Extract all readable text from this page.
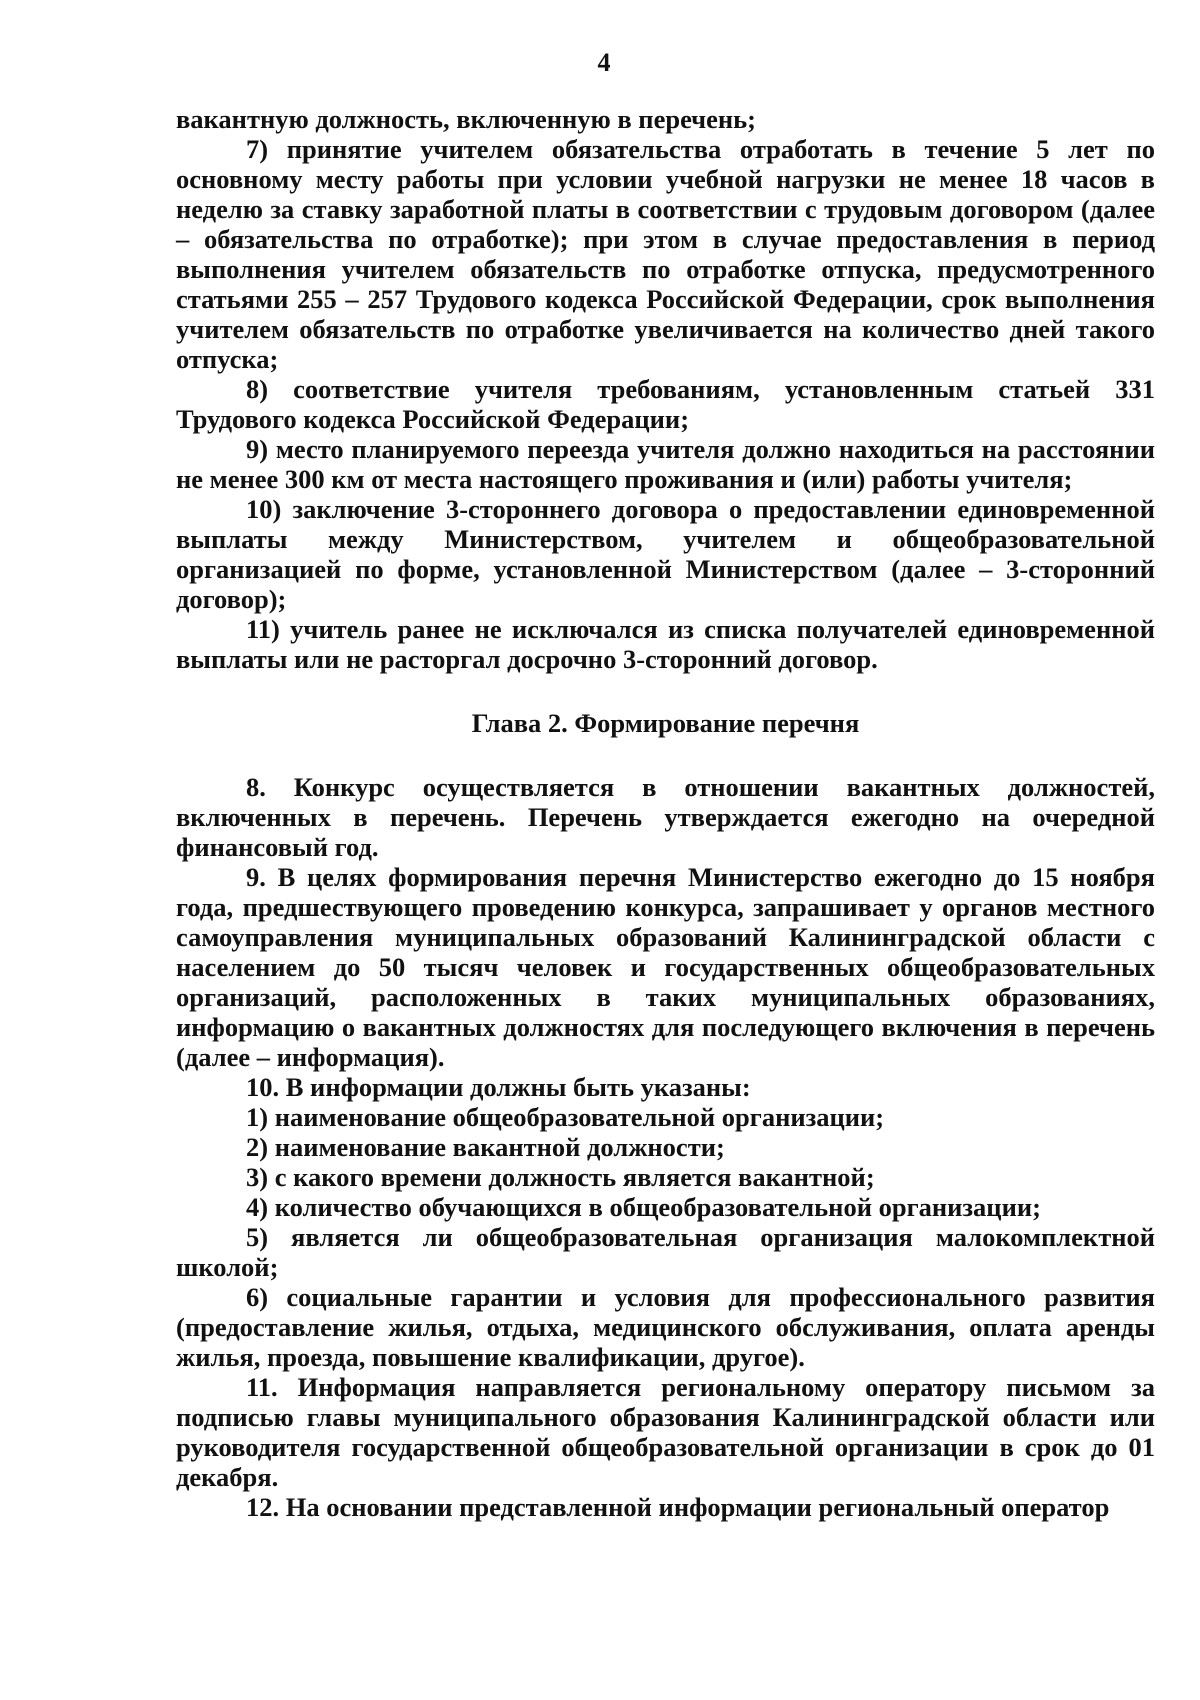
4

вакантную должность, включенную в перечень;

7) принятие учителем обязательства отработать в течение 5 лет по основному месту работы при условии учебной нагрузки не менее 18 часов в неделю за ставку заработной платы в соответствии с трудовым договором (далее – обязательства по отработке); при этом в случае предоставления в период выполнения учителем обязательств по отработке отпуска, предусмотренного статьями 255 – 257 Трудового кодекса Российской Федерации, срок выполнения учителем обязательств по отработке увеличивается на количество дней такого отпуска;

8) соответствие учителя требованиям, установленным статьей 331 Трудового кодекса Российской Федерации;

9) место планируемого переезда учителя должно находиться на расстоянии не менее 300 км от места настоящего проживания и (или) работы учителя;

10) заключение 3-стороннего договора о предоставлении единовременной выплаты между Министерством, учителем и общеобразовательной организацией по форме, установленной Министерством (далее – 3-сторонний договор);

11) учитель ранее не исключался из списка получателей единовременной выплаты или не расторгал досрочно 3-сторонний договор.

Глава 2. Формирование перечня

8. Конкурс осуществляется в отношении вакантных должностей, включенных в перечень. Перечень утверждается ежегодно на очередной финансовый год.

9. В целях формирования перечня Министерство ежегодно до 15 ноября года, предшествующего проведению конкурса, запрашивает у органов местного самоуправления муниципальных образований Калининградской области с населением до 50 тысяч человек и государственных общеобразовательных организаций, расположенных в таких муниципальных образованиях, информацию о вакантных должностях для последующего включения в перечень (далее – информация).

10. В информации должны быть указаны:

1) наименование общеобразовательной организации;

2) наименование вакантной должности;

3) с какого времени должность является вакантной;

4) количество обучающихся в общеобразовательной организации;

5) является ли общеобразовательная организация малокомплектной школой;

6) социальные гарантии и условия для профессионального развития (предоставление жилья, отдыха, медицинского обслуживания, оплата аренды жилья, проезда, повышение квалификации, другое).

11. Информация направляется региональному оператору письмом за подписью главы муниципального образования Калининградской области или руководителя государственной общеобразовательной организации в срок до 01 декабря.

12. На основании представленной информации региональный оператор
